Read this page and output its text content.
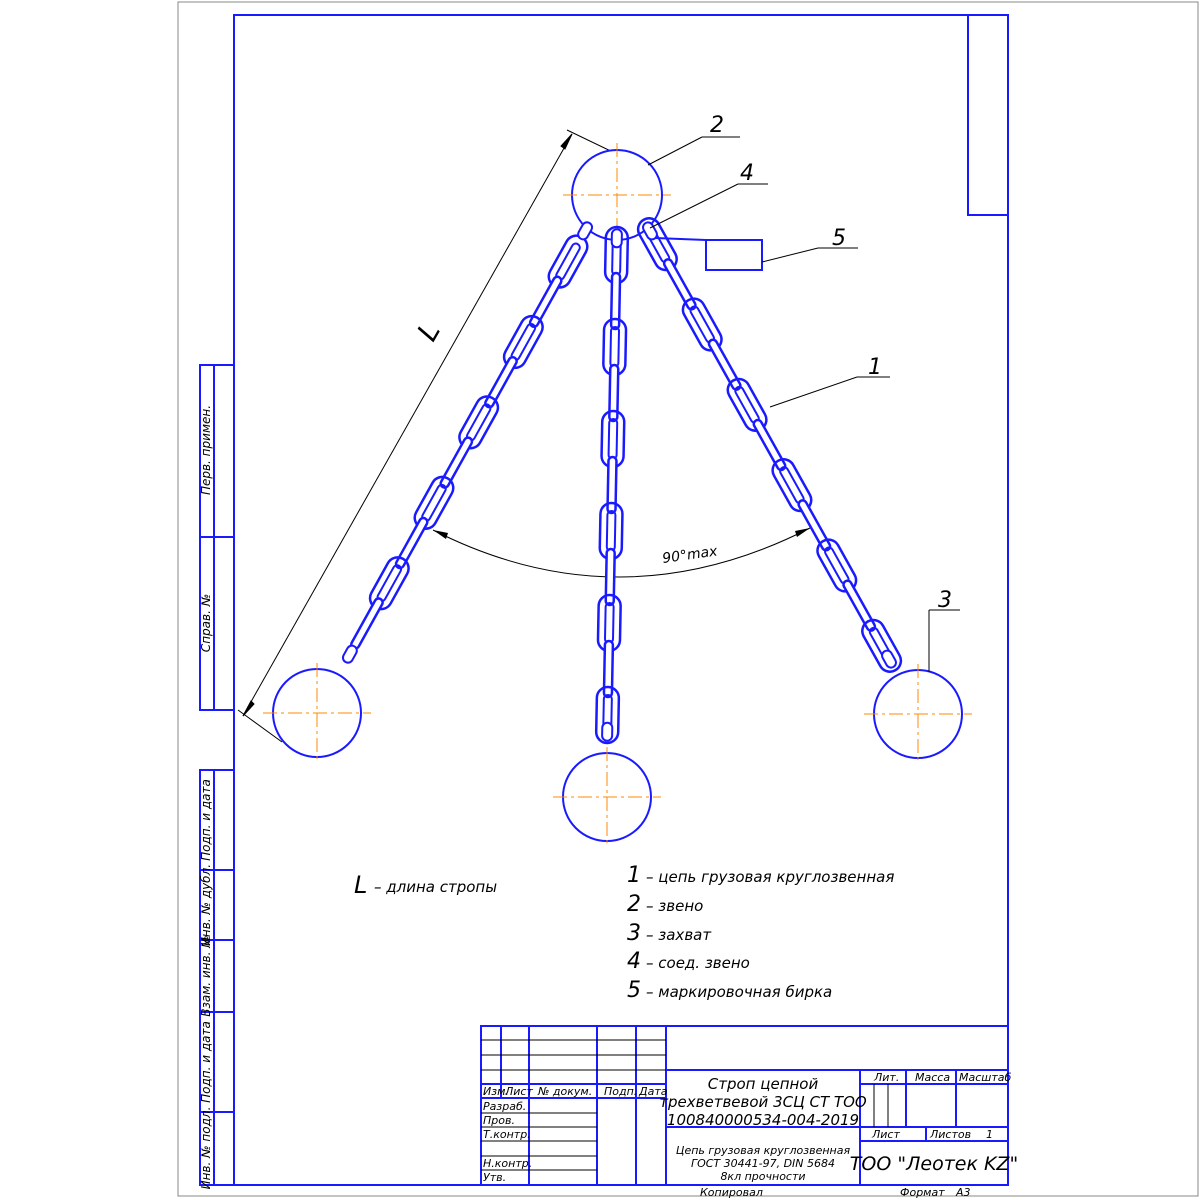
Перв. примен.
Справ. №
Подп. и дата
Инв. № дубл.
Взам. инв. №
Подп. и дата
Инв. № подл.
L
90°max
2
4
5
1
3
L – длина стропы	1 – цепь грузовая круглозвенная
2 – звено
3 – захват
4 – соед. звено
5 – маркировочная бирка
Изм.
Лист № докум. Подп. Дата
Разраб.
Пров.
Т.контр.
Н.контр.
Утв.
Строп цепной
трехветвевой 3СЦ СТ ТОО
100840000534-004-2019
Цепь грузовая круглозвенная
ГОСТ 30441-97, DIN 5684
8кл прочности
Лит. Масса Масштаб
Лист	Листов 1
ТОО "Леотек KZ"
Копировал	Формат А3
